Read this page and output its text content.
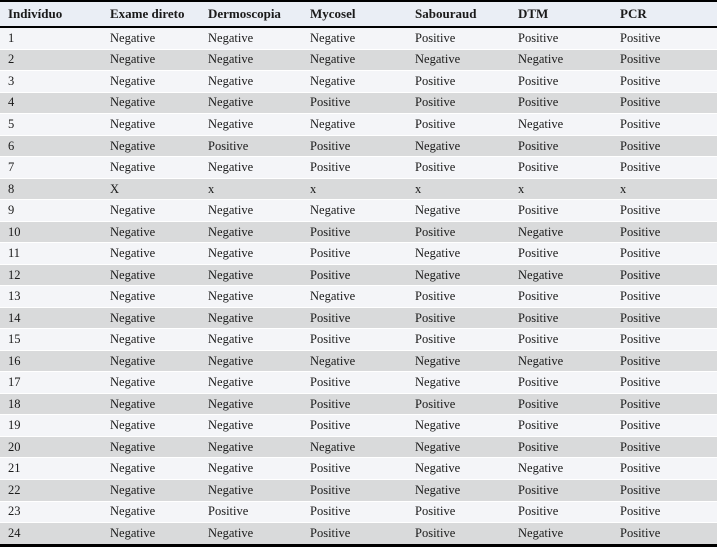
Indivíduo	Exame direto	Dermoscopia	Mycosel	Sabouraud	DTM	PCR
1	Negative	Negative	Negative	Positive	Positive	Positive
2	Negative	Negative	Negative	Negative	Negative	Positive
3	Negative	Negative	Negative	Positive	Positive	Positive
4	Negative	Negative	Positive	Positive	Positive	Positive
5	Negative	Negative	Negative	Positive	Negative	Positive
6	Negative	Positive	Positive	Negative	Positive	Positive
7	Negative	Negative	Positive	Positive	Positive	Positive
8	X	x	x	x	x	x
9	Negative	Negative	Negative	Negative	Positive	Positive
10	Negative	Negative	Positive	Positive	Negative	Positive
11	Negative	Negative	Positive	Negative	Positive	Positive
12	Negative	Negative	Positive	Negative	Negative	Positive
13	Negative	Negative	Negative	Positive	Positive	Positive
14	Negative	Negative	Positive	Positive	Positive	Positive
15	Negative	Negative	Positive	Positive	Positive	Positive
16	Negative	Negative	Negative	Negative	Negative	Positive
17	Negative	Negative	Positive	Negative	Positive	Positive
18	Negative	Negative	Positive	Positive	Positive	Positive
19	Negative	Negative	Positive	Negative	Positive	Positive
20	Negative	Negative	Negative	Negative	Positive	Positive
21	Negative	Negative	Positive	Negative	Negative	Positive
22	Negative	Negative	Positive	Negative	Positive	Positive
23	Negative	Positive	Positive	Positive	Positive	Positive
24	Negative	Negative	Positive	Positive	Negative	Positive
